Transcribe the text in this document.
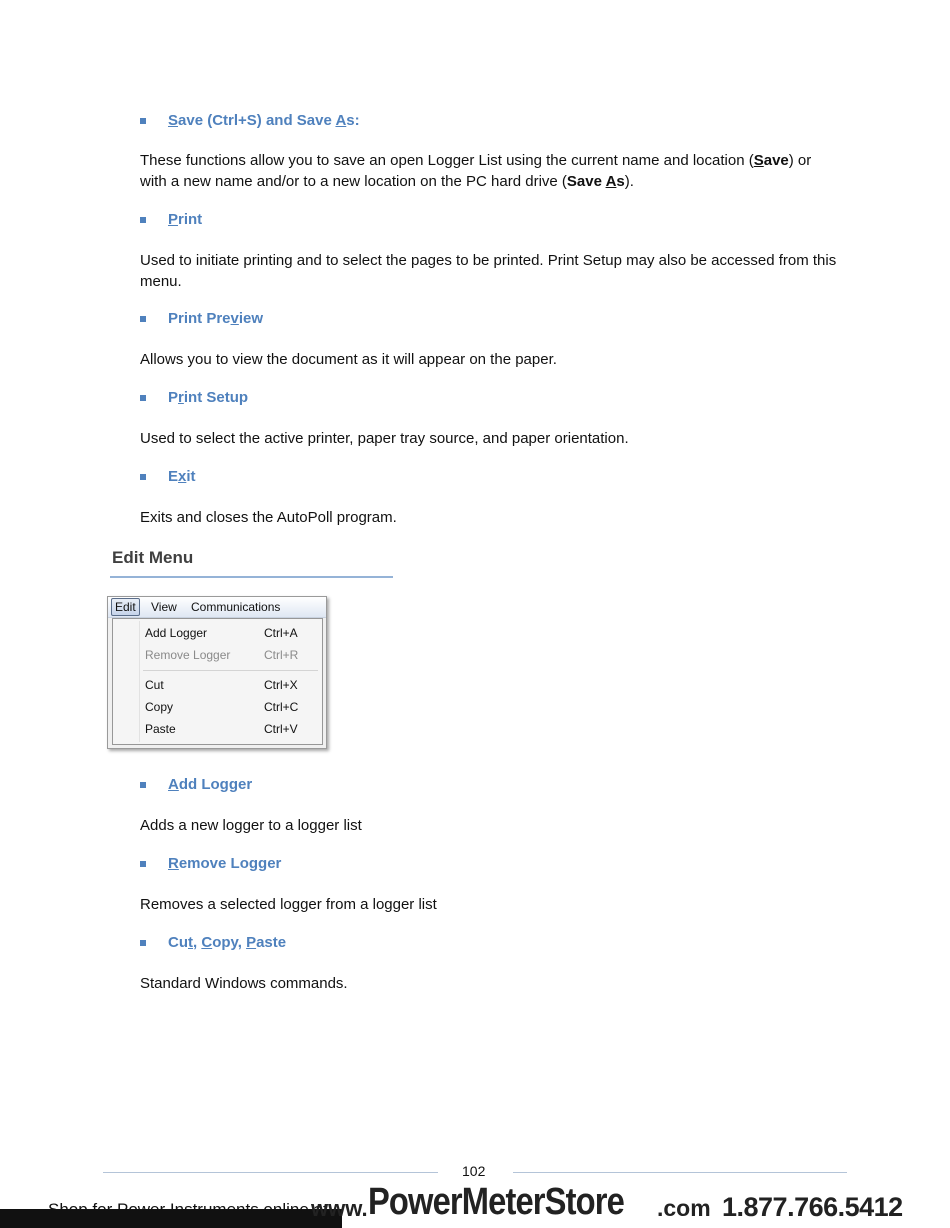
Save (Ctrl+S) and Save As:
These functions allow you to save an open Logger List using the current name and location (Save) or with a new name and/or to a new location on the PC hard drive (Save As).
Print
Used to initiate printing and to select the pages to be printed. Print Setup may also be accessed from this menu.
Print Preview
Allows you to view the document as it will appear on the paper.
Print Setup
Used to select the active printer, paper tray source, and paper orientation.
Exit
Exits and closes the AutoPoll program.
Edit Menu
Edit	View Communications
Add Logger	Ctrl+A
Remove Logger	Ctrl+R
Cut	Ctrl+X
Copy	Ctrl+C
Paste	Ctrl+V
Add Logger
Adds a new logger to a logger list
Remove Logger
Removes a selected logger from a logger list
Cut, Copy, Paste
Standard Windows commands.
102
www. PowerMeterStore .com 1.877.766.5412
